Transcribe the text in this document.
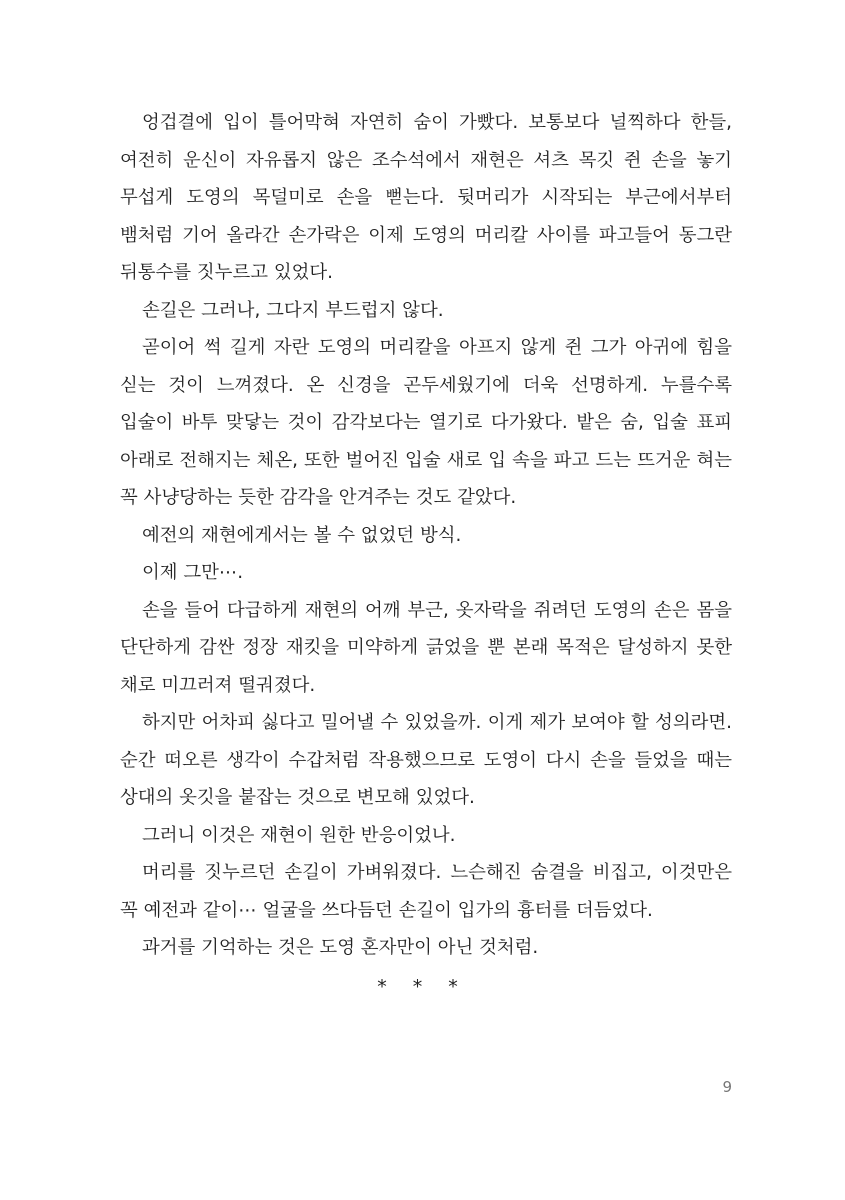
엉겁결에 입이 틀어막혀 자연히 숨이 가빴다. 보통보다 널찍하다 한들, 여전히 운신이 자유롭지 않은 조수석에서 재현은 셔츠 목깃 쥔 손을 놓기 무섭게 도영의 목덜미로 손을 뻗는다. 뒷머리가 시작되는 부근에서부터 뱀처럼 기어 올라간 손가락은 이제 도영의 머리칼 사이를 파고들어 동그란 뒤통수를 짓누르고 있었다.

손길은 그러나, 그다지 부드럽지 않다.

곧이어 썩 길게 자란 도영의 머리칼을 아프지 않게 쥔 그가 아귀에 힘을 싣는 것이 느껴졌다. 온 신경을 곤두세웠기에 더욱 선명하게. 누를수록 입술이 바투 맞닿는 것이 감각보다는 열기로 다가왔다. 밭은 숨, 입술 표피 아래로 전해지는 체온, 또한 벌어진 입술 새로 입 속을 파고 드는 뜨거운 혀는 꼭 사냥당하는 듯한 감각을 안겨주는 것도 같았다.

예전의 재현에게서는 볼 수 없었던 방식.

이제 그만⋯.

손을 들어 다급하게 재현의 어깨 부근, 옷자락을 쥐려던 도영의 손은 몸을 단단하게 감싼 정장 재킷을 미약하게 긁었을 뿐 본래 목적은 달성하지 못한 채로 미끄러져 떨궈졌다.

하지만 어차피 싫다고 밀어낼 수 있었을까. 이게 제가 보여야 할 성의라면. 순간 떠오른 생각이 수갑처럼 작용했으므로 도영이 다시 손을 들었을 때는 상대의 옷깃을 붙잡는 것으로 변모해 있었다.

그러니 이것은 재현이 원한 반응이었나.

머리를 짓누르던 손길이 가벼워졌다. 느슨해진 숨결을 비집고, 이것만은 꼭 예전과 같이⋯ 얼굴을 쓰다듬던 손길이 입가의 흉터를 더듬었다.

과거를 기억하는 것은 도영 혼자만이 아닌 것처럼.

* * *
9
